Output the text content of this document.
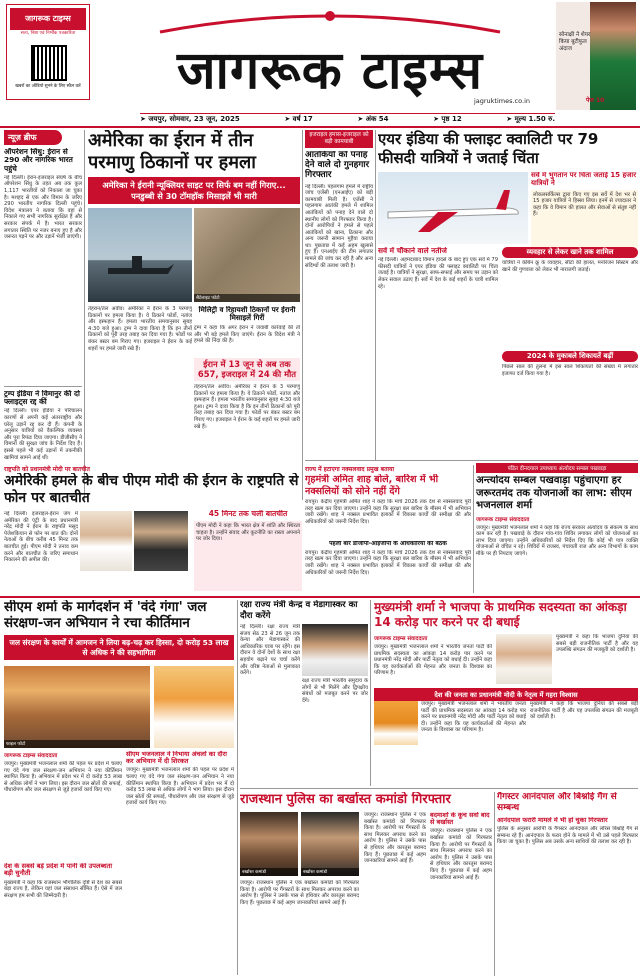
जागरूक टाइम्स
सत्य, निष्ठा एवं निर्भीक पत्रकारिता
खबरों का ऑडियो सुनने के लिए स्कैन करें	जागरूक टाइम्स
jagruktimes.co.in
सोनाक्षी ने शेयर किया बूटीफुल अंदाज
पेज 10
➤ जयपुर, सोमवार, 23 जून, 2025	➤ वर्ष 17	➤ अंक 54	➤ पृष्ठ 12	➤ मूल्य 1.50 रु.
न्यूज़ ब्रीफ
ऑपरेशन सिंधु: ईरान से 290 और नागरिक भारत पहुंचे
नई दिल्ली। ईरान-इजराइल संघर्ष के बीच ऑपरेशन सिंधु के तहत अब तक कुल 1,117 भारतीयों को निकाला जा चुका है। मशहद से एक और विमान के जरिए 290 भारतीय नागरिक दिल्ली पहुंचे। विदेश मंत्रालय ने बताया कि वहां से निकाले गए सभी नागरिक सुरक्षित हैं और सरकार संपर्क में है। भारत सरकार लगातार स्थिति पर नजर बनाए हुए है और जरूरत पड़ने पर और उड़ानें भेजी जाएंगी।
ट्रम्प इंडिया ने विमानुर की दो फ्लाइट्स रद्द कीं
नई दिल्ली। एयर इंडिया ने परिचालन कारणों से अपनी कई अंतरराष्ट्रीय और घरेलू उड़ानें रद्द कर दी हैं। कंपनी के अनुसार यात्रियों को वैकल्पिक व्यवस्था और पूरा रिफंड दिया जाएगा। डीजीसीए ने विमानों की सुरक्षा जांच के निर्देश दिए हैं। इससे पहले भी कई उड़ानों में तकनीकी खामियां सामने आई थीं।
अमेरिका का ईरान में तीन परमाणु ठिकानों पर हमला
अमेरिका ने ईरानी न्यूक्लियर साइट पर सिर्फ बम नहीं गिराए... पनडुब्बी से 30 टॉमहॉक मिसाइलें भी मारी
सैटेलाइट फोटो
तेहरान/तेल अवीव। अमेरिका ने ईरान के 3 परमाणु ठिकानों पर हमला किया है। ये ठिकाने फोर्डो, नतांज और इस्फहान हैं। हमला भारतीय समयानुसार सुबह 4:30 बजे हुआ। ट्रम्प ने दावा किया है कि इन तीनों ठिकानों को पूरी तरह तबाह कर दिया गया है। फोर्डो पर बंकर बस्टर बम गिराए गए। इजराइल ने ईरान के कई शहरों पर हमले जारी रखे हैं।
मिलिट्री व रिहायशी ठिकानों पर ईरानी मिसाइलें गिरीं
ट्रम्प ने कहा कि अगर ईरान ने जवाबी कार्रवाई की तो और भी बड़े हमले किए जाएंगे। ईरान के विदेश मंत्री ने हमले की निंदा की है।
ईरान में 13 जून से अब तक 657, इजराइल में 24 की मौत
तेहरान/तेल अवीव। अमेरिका ने ईरान के 3 परमाणु ठिकानों पर हमला किया है। ये ठिकाने फोर्डो, नतांज और इस्फहान हैं। हमला भारतीय समयानुसार सुबह 4:30 बजे हुआ। ट्रम्प ने दावा किया है कि इन तीनों ठिकानों को पूरी तरह तबाह कर दिया गया है। फोर्डो पर बंकर बस्टर बम गिराए गए। इजराइल ने ईरान के कई शहरों पर हमले जारी रखे हैं।
इजराइल हमास-इजराइल को बड़ी कामयाबी
आतंकियों को पनाह देने वाले दो गुनहगार गिरफ्तार
नई दिल्ली। पहलगाम हमले में राष्ट्रीय जांच एजेंसी (एनआईए) को बड़ी कामयाबी मिली है। एजेंसी ने पहलगाम आतंकी हमले में शामिल आतंकियों को पनाह देने वाले दो स्थानीय लोगों को गिरफ्तार किया है। दोनों आरोपियों ने हमले से पहले आतंकियों को खाना, ठिकाना और अन्य जरूरी सामान मुहैया कराया था। पूछताछ में कई अहम खुलासे हुए हैं। एनआईए की टीम लगातार मामले की जांच कर रही है और अन्य संदिग्धों की तलाश जारी है।
एयर इंडिया की फ्लाइट क्वालिटी पर 79 फीसदी यात्रियों ने जताई चिंता
सर्वे में भुगतान पर चिंता जताई 15 हजार यात्रियों ने
लोकलसर्किल्स द्वारा किए गए इस सर्वे में देश भर से 15 हजार यात्रियों ने हिस्सा लिया। इनमें से ज्यादातर ने कहा कि वे विमान की हालत और सेवाओं से संतुष्ट नहीं हैं।
सर्वे में चौंकाने वाले नतीजे
नई दिल्ली। अहमदाबाद विमान हादसे के बाद हुए एक सर्वे में 79 फीसदी यात्रियों ने एयर इंडिया की फ्लाइट क्वालिटी पर चिंता जताई है। यात्रियों ने सुरक्षा, साफ-सफाई और समय पर उड़ान को लेकर सवाल उठाए हैं। सर्वे में देश के कई शहरों के यात्री शामिल रहे।
व्यवहार से लेकर खाने तक शामिल
यात्रियों ने केबिन क्रू के व्यवहार, सीटों की हालत, मनोरंजन सिस्टम और खाने की गुणवत्ता को लेकर भी नाराजगी जताई।
2024 के मुकाबले शिकायतें बढ़ीं
पिछले साल की तुलना में इस साल शिकायतों की संख्या में लगातार इजाफा दर्ज किया गया है।
राष्ट्रपति को प्रधानमंत्री मोदी पर बातचीत
अमेरिकी हमले के बीच पीएम मोदी की ईरान के राष्ट्रपति से फोन पर बातचीत
45 मिनट तक चली बातचीत
नई दिल्ली। इजराइल-ईरान जंग में अमेरिका की एंट्री के बाद प्रधानमंत्री नरेंद्र मोदी ने ईरान के राष्ट्रपति मसूद पेजेशकियान से फोन पर बात की। दोनों नेताओं के बीच करीब 45 मिनट तक बातचीत हुई। पीएम मोदी ने तनाव कम करने और बातचीत के जरिए समाधान निकालने की अपील की।
पीएम मोदी ने कहा कि भारत क्षेत्र में शांति और स्थिरता चाहता है। उन्होंने संवाद और कूटनीति का रास्ता अपनाने पर जोर दिया।
राज्य में हटाएगा नक्सलवाद प्रमुख बताया
गृहमंत्री अमित शाह बोले, बारिश में भी नक्सलियों को सोने नहीं देंगे
रायपुर। केंद्रीय गृहमंत्री अमित शाह ने कहा कि मार्च 2026 तक देश से नक्सलवाद पूरी तरह खत्म कर दिया जाएगा। उन्होंने कहा कि सुरक्षा बल बारिश के मौसम में भी अभियान जारी रखेंगे। शाह ने नक्सल प्रभावित इलाकों में विकास कार्यों की समीक्षा की और अधिकारियों को जरूरी निर्देश दिए।
पहली बार डीजीपी-आईजीपी के अधिकारियों की बैठक
रायपुर। केंद्रीय गृहमंत्री अमित शाह ने कहा कि मार्च 2026 तक देश से नक्सलवाद पूरी तरह खत्म कर दिया जाएगा। उन्होंने कहा कि सुरक्षा बल बारिश के मौसम में भी अभियान जारी रखेंगे। शाह ने नक्सल प्रभावित इलाकों में विकास कार्यों की समीक्षा की और अधिकारियों को जरूरी निर्देश दिए।
पंडित दीनदयाल उपाध्याय अंत्योदय सम्बल पखवाड़ा
अन्त्योदय सम्बल पखवाड़ा पहुंचाएगा हर जरूरतमंद तक योजनाओं का लाभ: सीएम भजनलाल शर्मा
जागरूक टाइम्स संवाददाता
जयपुर। मुख्यमंत्री भजनलाल शर्मा ने कहा कि राज्य सरकार अंत्योदय के संकल्प के साथ काम कर रही है। पखवाड़े के दौरान गांव-गांव शिविर लगाकर लोगों को योजनाओं का लाभ दिया जाएगा। उन्होंने अधिकारियों को निर्देश दिए कि कोई भी पात्र व्यक्ति योजनाओं से वंचित न रहे। शिविरों में राजस्व, पंचायती राज और अन्य विभागों के काम मौके पर ही निपटाए जाएंगे।
सीएम शर्मा के मार्गदर्शन में 'वंदे गंगा' जल संरक्षण-जन अभियान ने रचा कीर्तिमान
जल संरक्षण के कार्यों में आमजन ने लिया बढ़-चढ़ कर हिस्सा, दो करोड़ 53 लाख से अधिक ने की सहभागिता
फाइल फोटो
जागरूक टाइम्स संवाददाता
जयपुर। मुख्यमंत्री भजनलाल शर्मा की पहल पर प्रदेश में चलाए गए वंदे गंगा जल संरक्षण-जन अभियान ने नया कीर्तिमान स्थापित किया है। अभियान में प्रदेश भर में दो करोड़ 53 लाख से अधिक लोगों ने भाग लिया। इस दौरान जल स्रोतों की सफाई, पौधारोपण और जल संरक्षण से जुड़े हजारों कार्य किए गए।
देश के सबसे बड़े प्रदेश में पानी की उपलब्धता बड़ी चुनौती
मुख्यमंत्री ने कहा कि राजस्थान भौगोलिक दृष्टि से देश का सबसे बड़ा राज्य है, लेकिन यहां जल संसाधन सीमित हैं। ऐसे में जल संरक्षण हम सभी की जिम्मेदारी है।
सीएम भजनलाल ने निभाया अंचलों का दौरा कर अभियान में दी शिरकत
जयपुर। मुख्यमंत्री भजनलाल शर्मा की पहल पर प्रदेश में चलाए गए वंदे गंगा जल संरक्षण-जन अभियान ने नया कीर्तिमान स्थापित किया है। अभियान में प्रदेश भर में दो करोड़ 53 लाख से अधिक लोगों ने भाग लिया। इस दौरान जल स्रोतों की सफाई, पौधारोपण और जल संरक्षण से जुड़े हजारों कार्य किए गए।
रक्षा राज्य मंत्री केन्द्र व मेडागास्कर का दौरा करेंगे
नई दिल्ली। रक्षा राज्य मंत्री संजय सेठ 23 से 26 जून तक केन्या और मेडागास्कर की आधिकारिक यात्रा पर रहेंगे। इस दौरान वे दोनों देशों के साथ रक्षा सहयोग बढ़ाने पर चर्चा करेंगे और वरिष्ठ नेताओं से मुलाकात करेंगे।
रक्षा राज्य मंत्री भारतीय समुदाय के लोगों से भी मिलेंगे और द्विपक्षीय संबंधों को मजबूत करने पर जोर देंगे।
मुख्यमंत्री शर्मा ने भाजपा के प्राथमिक सदस्यता का आंकड़ा 14 करोड़ पार करने पर दी बधाई
जागरूक टाइम्स संवाददाता
जयपुर। मुख्यमंत्री भजनलाल शर्मा ने भारतीय जनता पार्टी की प्राथमिक सदस्यता का आंकड़ा 14 करोड़ पार करने पर प्रधानमंत्री नरेंद्र मोदी और पार्टी नेतृत्व को बधाई दी। उन्होंने कहा कि यह कार्यकर्ताओं की मेहनत और जनता के विश्वास का परिणाम है।
मुख्यमंत्री ने कहा कि भाजपा दुनिया की सबसे बड़ी राजनीतिक पार्टी है और यह उपलब्धि संगठन की मजबूती को दर्शाती है।
देश की जनता का प्रधानमंत्री मोदी के नेतृत्व में गहरा विश्वास
जयपुर। मुख्यमंत्री भजनलाल शर्मा ने भारतीय जनता पार्टी की प्राथमिक सदस्यता का आंकड़ा 14 करोड़ पार करने पर प्रधानमंत्री नरेंद्र मोदी और पार्टी नेतृत्व को बधाई दी। उन्होंने कहा कि यह कार्यकर्ताओं की मेहनत और जनता के विश्वास का परिणाम है।
मुख्यमंत्री ने कहा कि भाजपा दुनिया की सबसे बड़ी राजनीतिक पार्टी है और यह उपलब्धि संगठन की मजबूती को दर्शाती है।
राजस्थान पुलिस का बर्खास्त कमांडो गिरफ्तार
बर्खास्त कमांडो	बर्खास्त कमांडो
जयपुर। राजस्थान पुलिस ने एक बर्खास्त कमांडो को गिरफ्तार किया है। आरोपी पर गैंगस्टरों के साथ मिलकर अपराध करने का आरोप है। पुलिस ने उसके पास से हथियार और कारतूस बरामद किए हैं। पूछताछ में कई अहम जानकारियां सामने आई हैं।
जयपुर। राजस्थान पुलिस ने एक बर्खास्त कमांडो को गिरफ्तार किया है। आरोपी पर गैंगस्टरों के साथ मिलकर अपराध करने का आरोप है। पुलिस ने उसके पास से हथियार और कारतूस बरामद किए हैं। पूछताछ में कई अहम जानकारियां सामने आई हैं।
बदमाशों के कूच सर्वो बाद से बर्खास्त
जयपुर। राजस्थान पुलिस ने एक बर्खास्त कमांडो को गिरफ्तार किया है। आरोपी पर गैंगस्टरों के साथ मिलकर अपराध करने का आरोप है। पुलिस ने उसके पास से हथियार और कारतूस बरामद किए हैं। पूछताछ में कई अहम जानकारियां सामने आई हैं।
गैंगस्टर आनंदपाल और बिश्नोई गैंग से सम्बन्ध
आनंदपाल फरारी मामले में भी हो चुका गिरफ्तार
पुलिस के अनुसार आरोपी के गैंगस्टर आनंदपाल और लॉरेंस बिश्नोई गैंग से सम्बन्ध रहे हैं। आनंदपाल के फरार होने के मामले में भी उसे पहले गिरफ्तार किया जा चुका है। पुलिस अब उसके अन्य साथियों की तलाश कर रही है।
